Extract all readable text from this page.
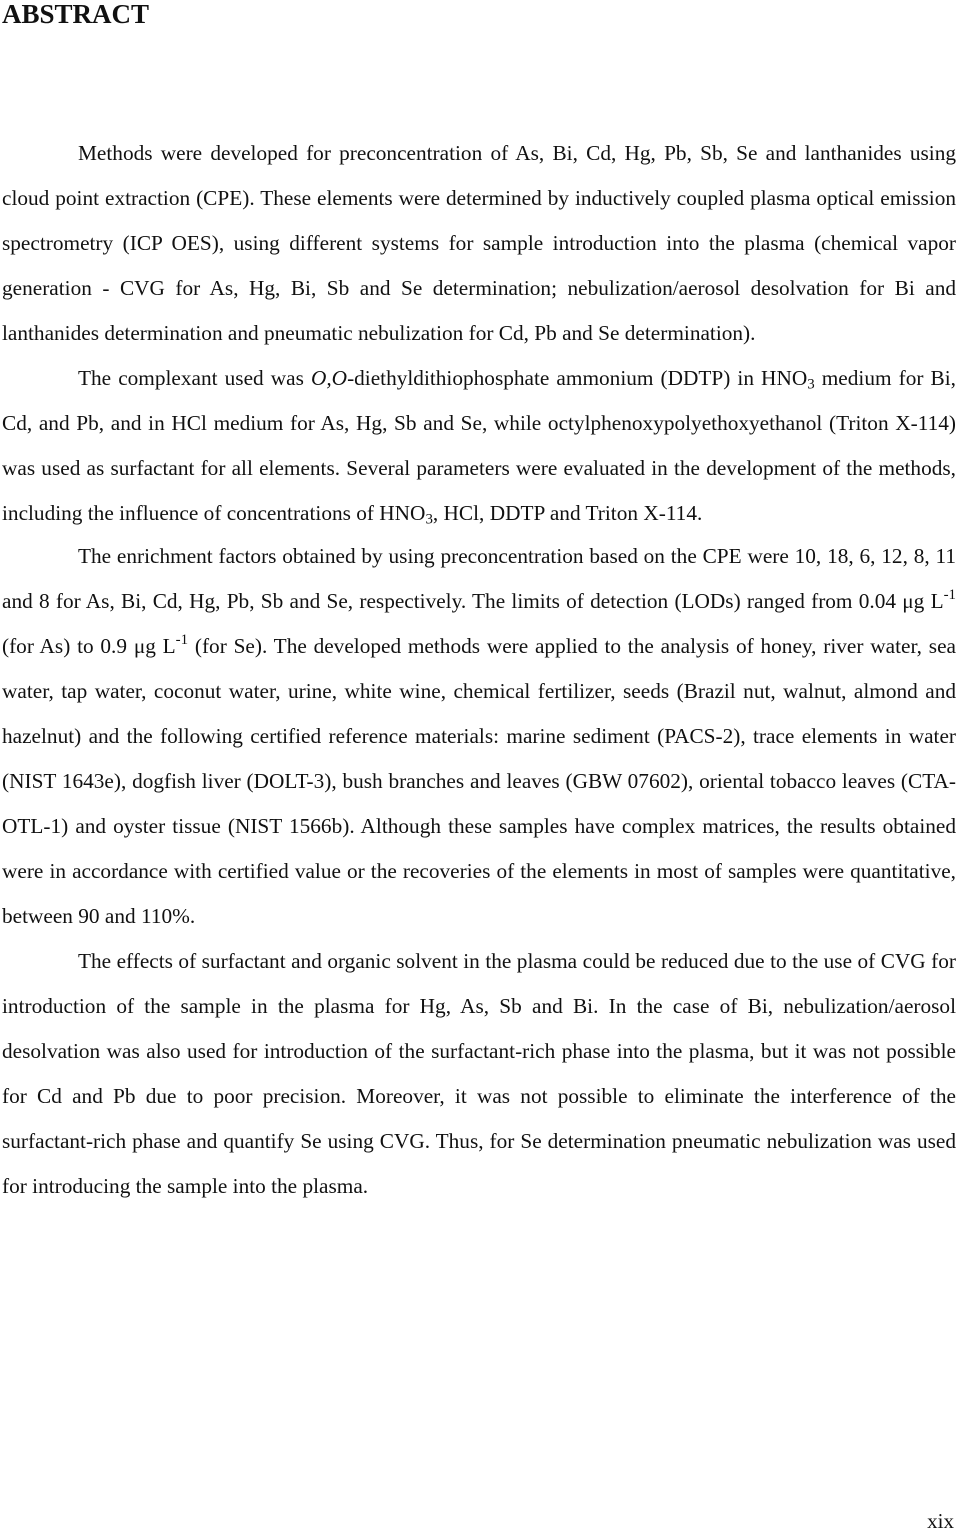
ABSTRACT

Methods were developed for preconcentration of As, Bi, Cd, Hg, Pb, Sb, Se and lanthanides using cloud point extraction (CPE). These elements were determined by inductively coupled plasma optical emission spectrometry (ICP OES), using different systems for sample introduction into the plasma (chemical vapor generation - CVG for As, Hg, Bi, Sb and Se determination; nebulization/aerosol desolvation for Bi and lanthanides determination and pneumatic nebulization for Cd, Pb and Se determination).

The complexant used was O,O-diethyldithiophosphate ammonium (DDTP) in $HNO_3$ medium for Bi, Cd, and Pb, and in HCl medium for As, Hg, Sb and Se, while octylphenoxypolyethoxyethanol (Triton X-114) was used as surfactant for all elements. Several parameters were evaluated in the development of the methods, including the influence of concentrations of $HNO_3$, HCl, DDTP and Triton X-114.

The enrichment factors obtained by using preconcentration based on the CPE were 10, 18, 6, 12, 8, 11 and 8 for As, Bi, Cd, Hg, Pb, Sb and Se, respectively. The limits of detection (LODs) ranged from 0.04 μg $L^{-1}$ (for As) to 0.9 μg $L^{-1}$ (for Se). The developed methods were applied to the analysis of honey, river water, sea water, tap water, coconut water, urine, white wine, chemical fertilizer, seeds (Brazil nut, walnut, almond and hazelnut) and the following certified reference materials: marine sediment (PACS-2), trace elements in water (NIST 1643e), dogfish liver (DOLT-3), bush branches and leaves (GBW 07602), oriental tobacco leaves (CTA-OTL-1) and oyster tissue (NIST 1566b). Although these samples have complex matrices, the results obtained were in accordance with certified value or the recoveries of the elements in most of samples were quantitative, between 90 and 110%.

The effects of surfactant and organic solvent in the plasma could be reduced due to the use of CVG for introduction of the sample in the plasma for Hg, As, Sb and Bi. In the case of Bi, nebulization/aerosol desolvation was also used for introduction of the surfactant-rich phase into the plasma, but it was not possible for Cd and Pb due to poor precision. Moreover, it was not possible to eliminate the interference of the surfactant-rich phase and quantify Se using CVG. Thus, for Se determination pneumatic nebulization was used for introducing the sample into the plasma.

xix
